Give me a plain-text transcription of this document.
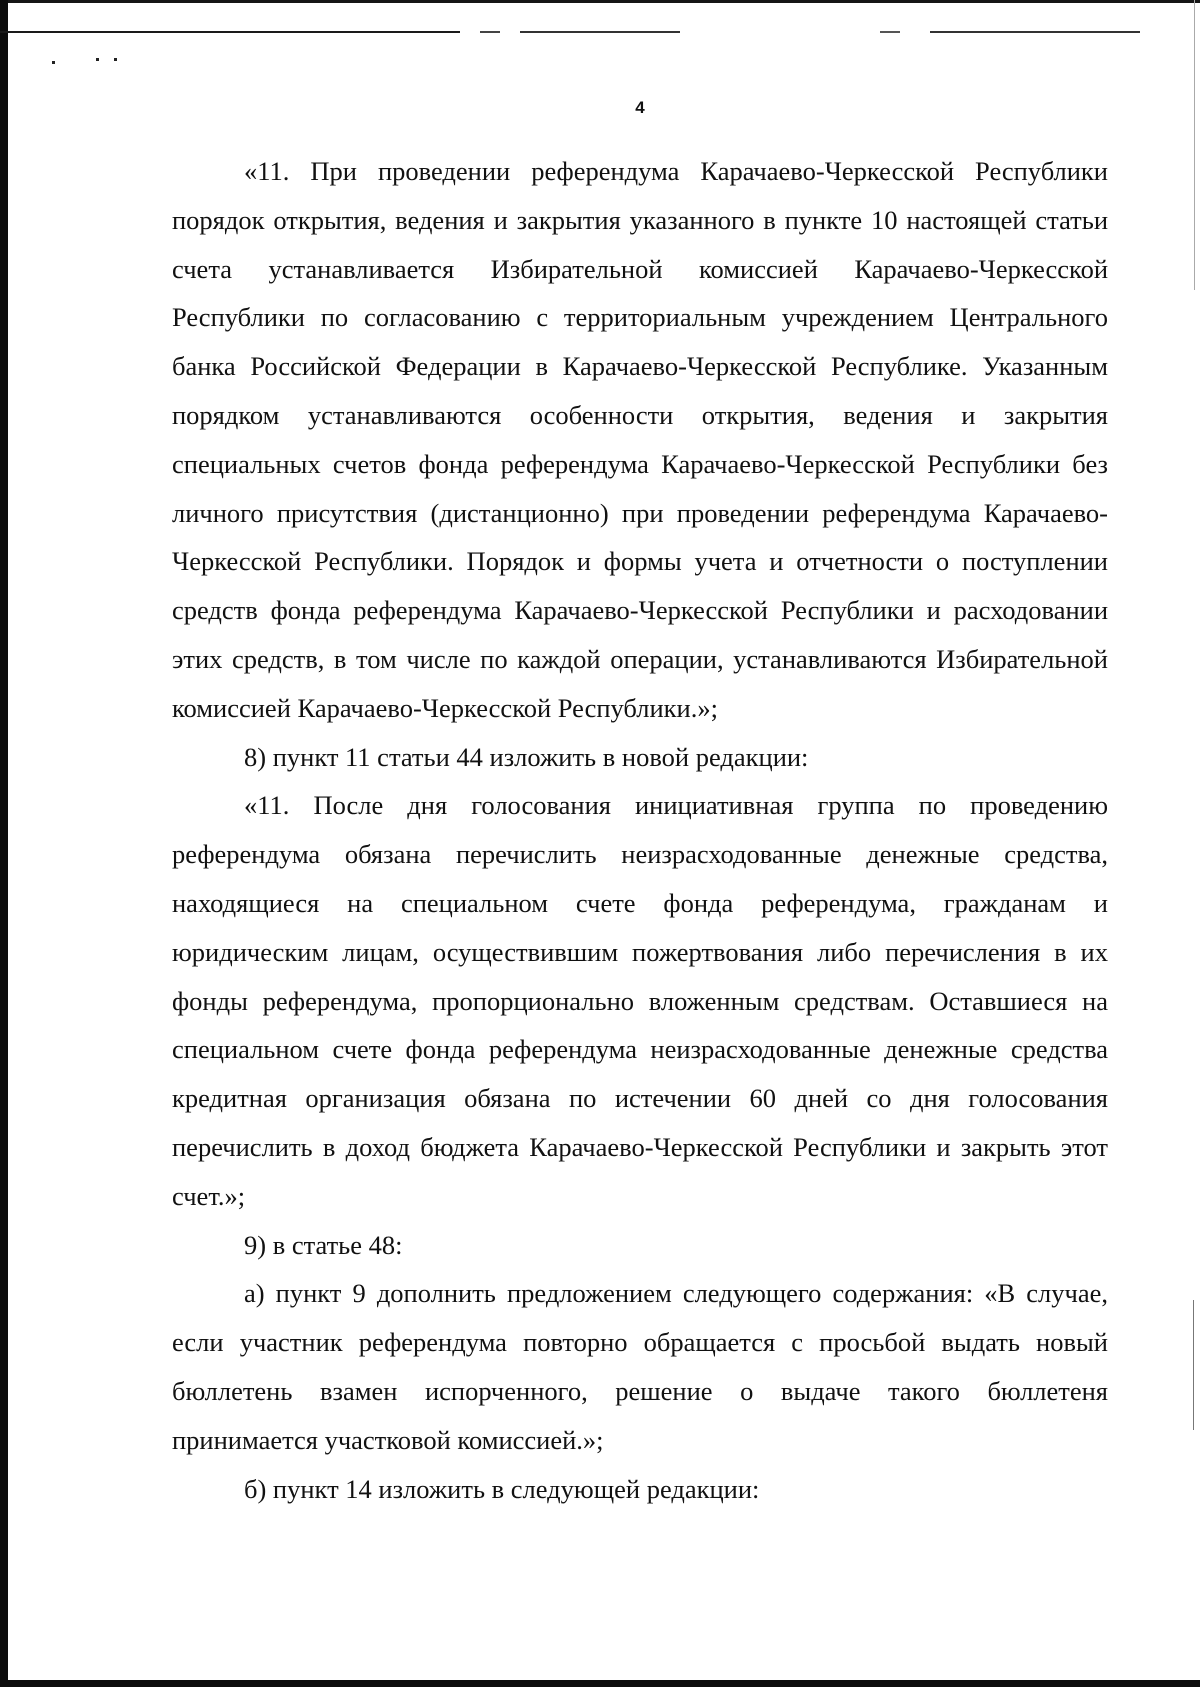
4

«11. При проведении референдума Карачаево-Черкесской Республики порядок открытия, ведения и закрытия указанного в пункте 10 настоящей статьи счета устанавливается Избирательной комиссией Карачаево-Черкесской Республики по согласованию с территориальным учреждением Центрального банка Российской Федерации в Карачаево-Черкесской Республике. Указанным порядком устанавливаются особенности открытия, ведения и закрытия специальных счетов фонда референдума Карачаево-Черкесской Республики без личного присутствия (дистанционно) при проведении референдума Карачаево-Черкесской Республики. Порядок и формы учета и отчетности о поступлении средств фонда референдума Карачаево-Черкесской Республики и расходовании этих средств, в том числе по каждой операции, устанавливаются Избирательной комиссией Карачаево-Черкесской Республики.»;

8) пункт 11 статьи 44 изложить в новой редакции:

«11. После дня голосования инициативная группа по проведению референдума обязана перечислить неизрасходованные денежные средства, находящиеся на специальном счете фонда референдума, гражданам и юридическим лицам, осуществившим пожертвования либо перечисления в их фонды референдума, пропорционально вложенным средствам. Оставшиеся на специальном счете фонда референдума неизрасходованные денежные средства кредитная организация обязана по истечении 60 дней со дня голосования перечислить в доход бюджета Карачаево-Черкесской Республики и закрыть этот счет.»;

9) в статье 48:

а) пункт 9 дополнить предложением следующего содержания: «В случае, если участник референдума повторно обращается с просьбой выдать новый бюллетень взамен испорченного, решение о выдаче такого бюллетеня принимается участковой комиссией.»;

б) пункт 14 изложить в следующей редакции:
